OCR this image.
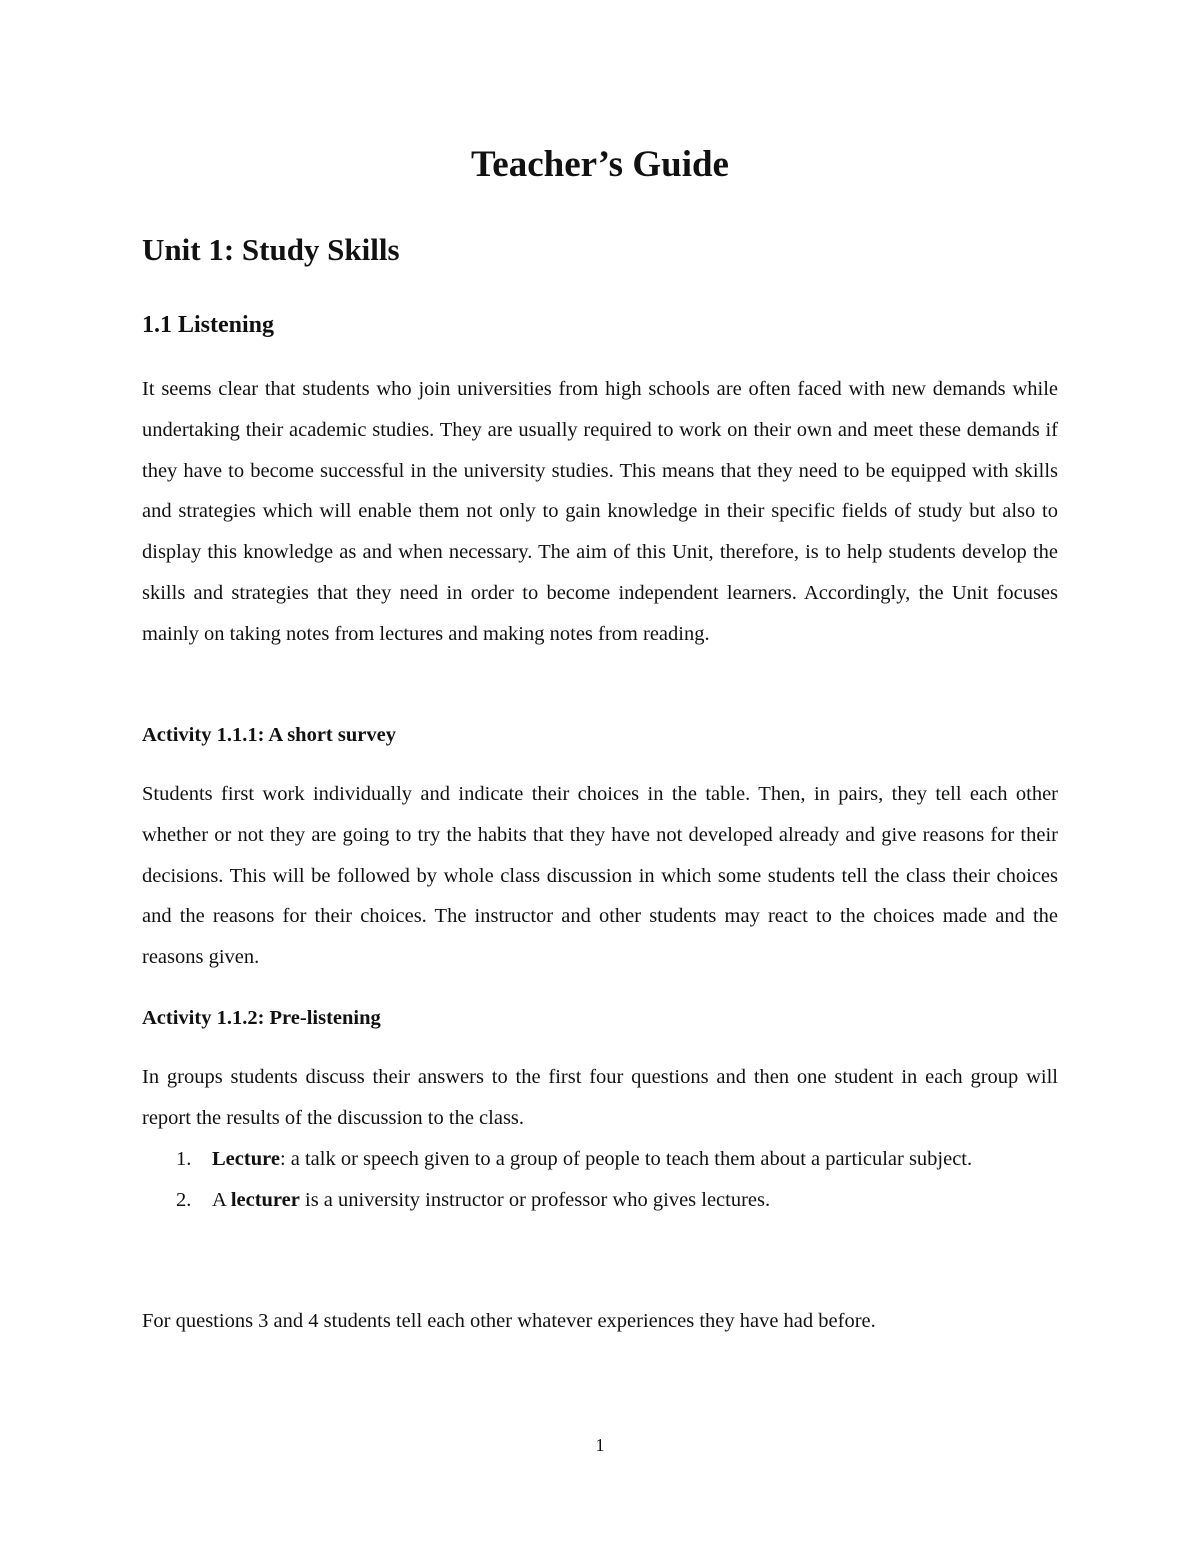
Teacher’s Guide
Unit 1: Study Skills
1.1 Listening

It seems clear that students who join universities from high schools are often faced with new demands while undertaking their academic studies. They are usually required to work on their own and meet these demands if they have to become successful in the university studies. This means that they need to be equipped with skills and strategies which will enable them not only to gain knowledge in their specific fields of study but also to display this knowledge as and when necessary. The aim of this Unit, therefore, is to help students develop the skills and strategies that they need in order to become independent learners. Accordingly, the Unit focuses mainly on taking notes from lectures and making notes from reading.

Activity 1.1.1: A short survey

Students first work individually and indicate their choices in the table. Then, in pairs, they tell each other whether or not they are going to try the habits that they have not developed already and give reasons for their decisions. This will be followed by whole class discussion in which some students tell the class their choices and the reasons for their choices. The instructor and other students may react to the choices made and the reasons given.

Activity 1.1.2: Pre-listening

In groups students discuss their answers to the first four questions and then one student in each group will report the results of the discussion to the class.

1. Lecture: a talk or speech given to a group of people to teach them about a particular subject.
2. A lecturer is a university instructor or professor who gives lectures.

For questions 3 and 4 students tell each other whatever experiences they have had before.

1
